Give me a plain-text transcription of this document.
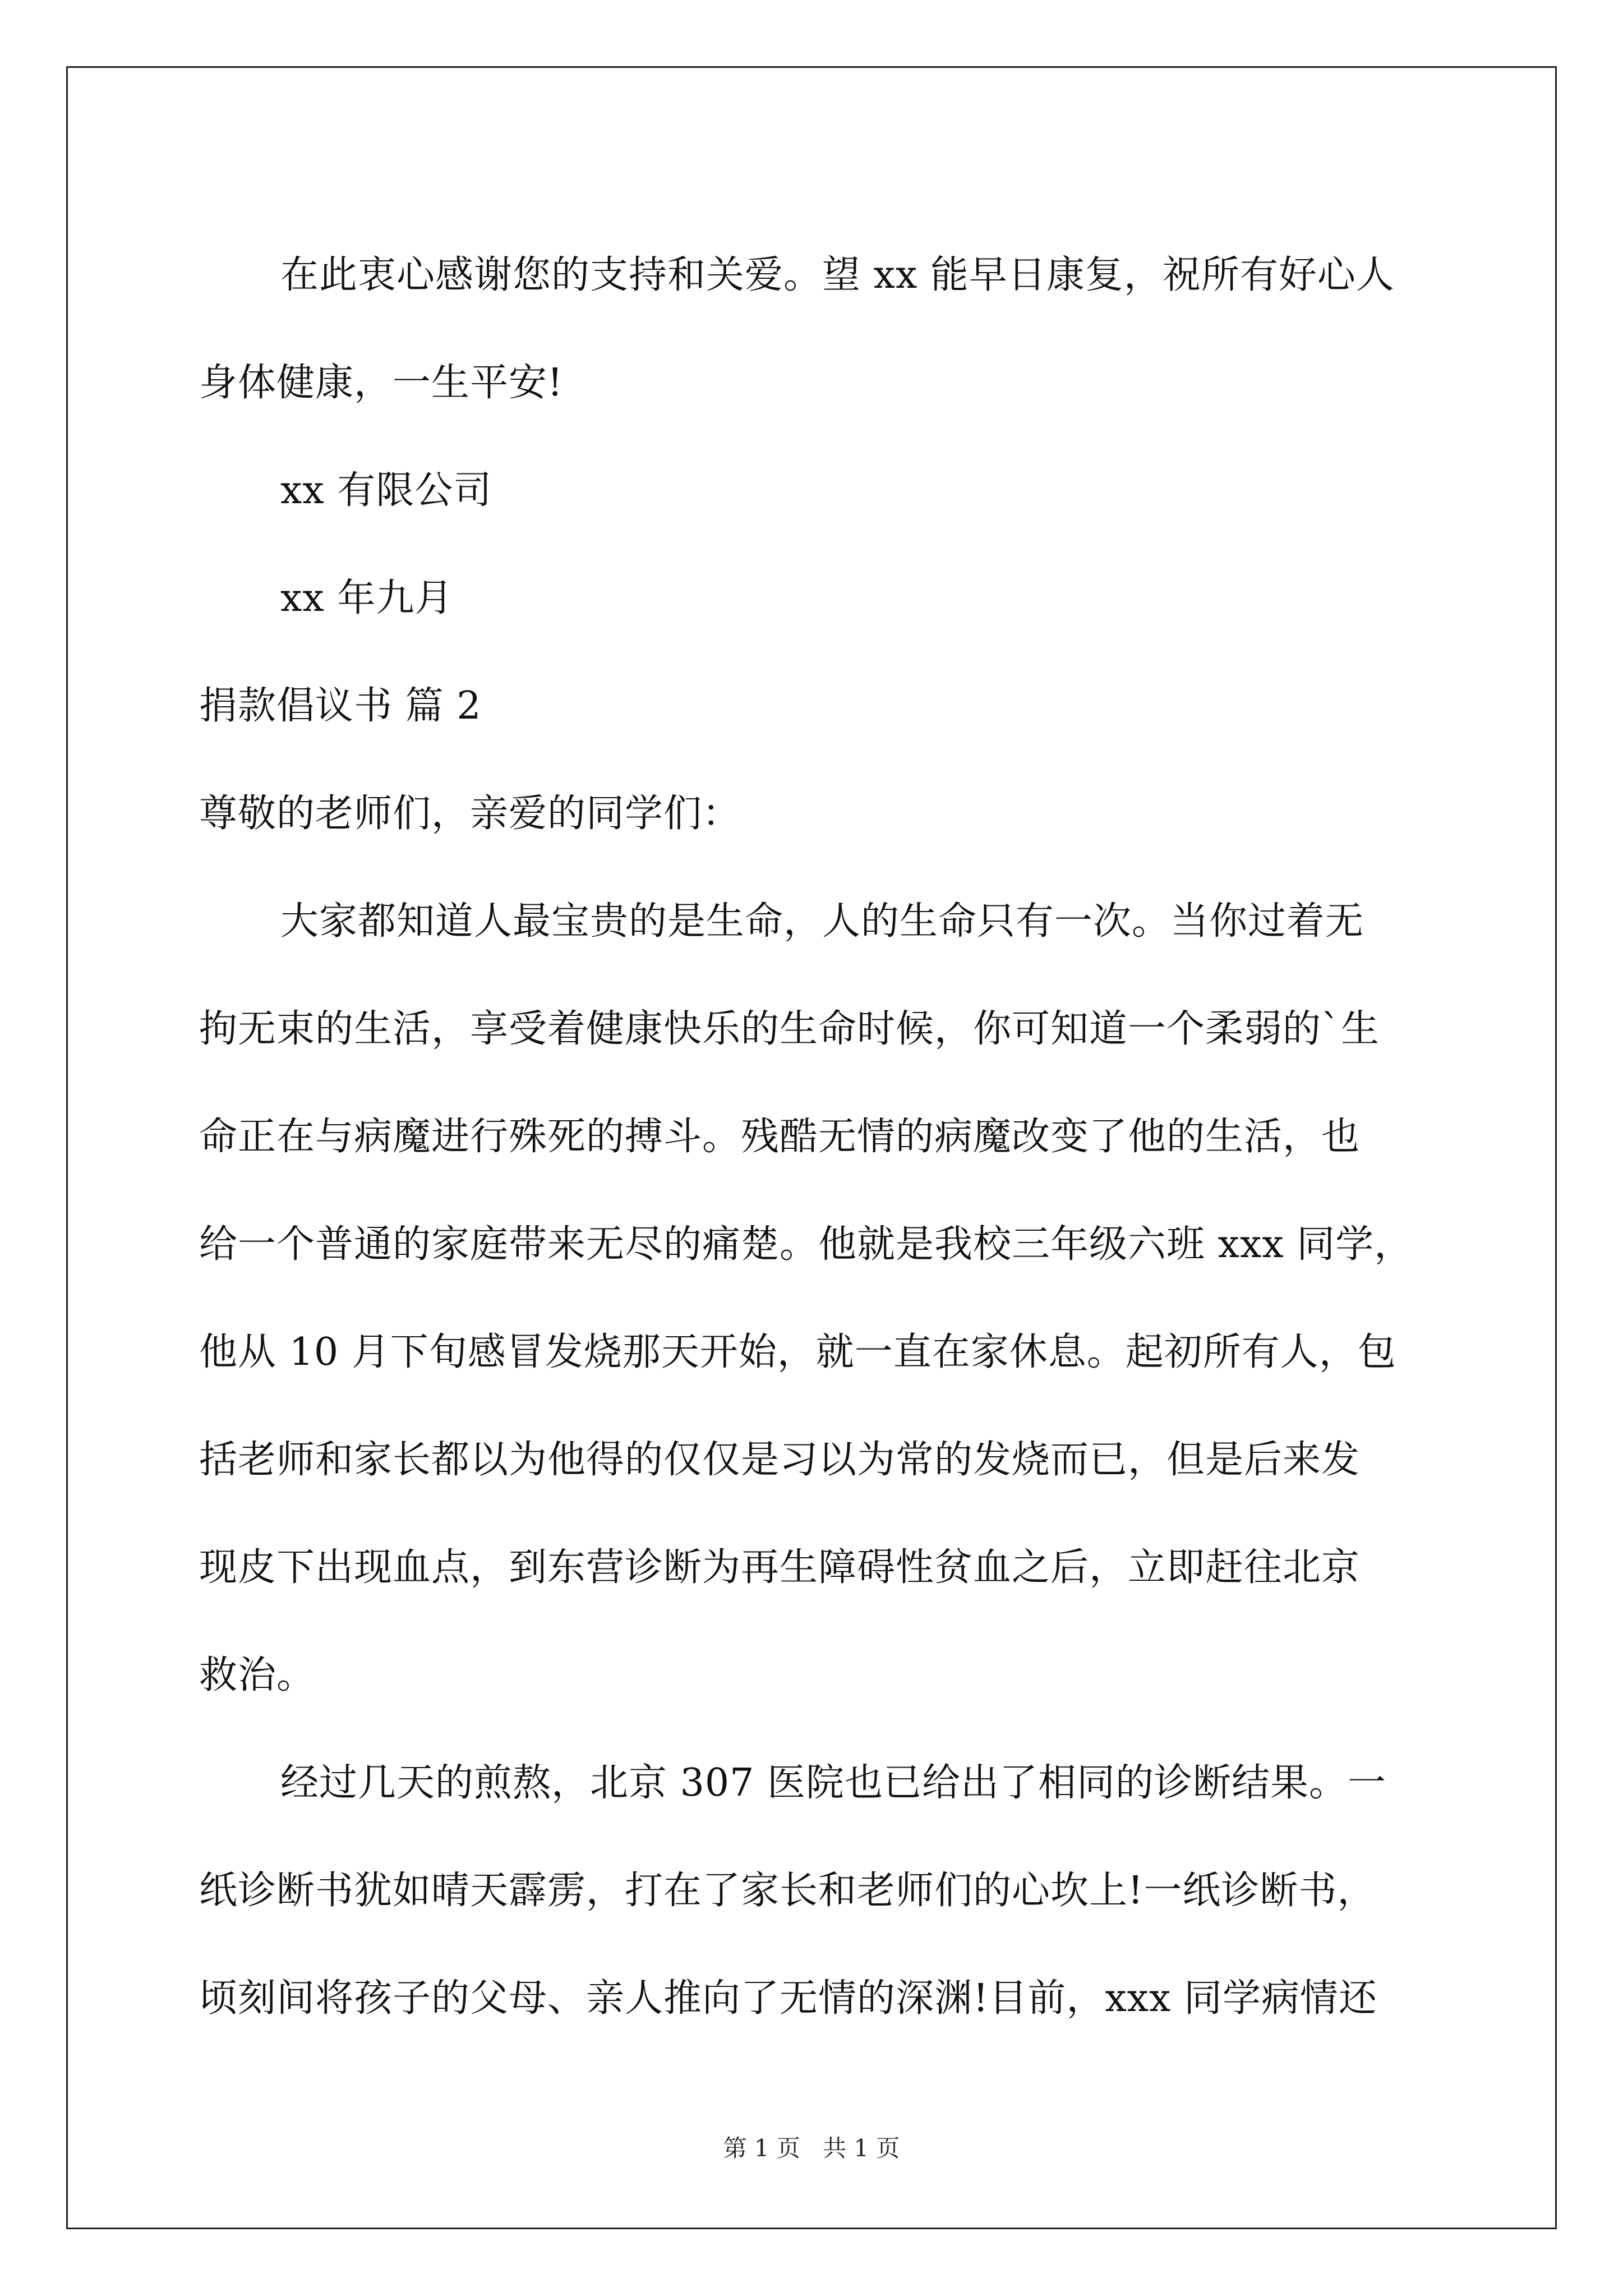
在此衷心感谢您的支持和关爱。望 xx 能早日康复，祝所有好心人

身体健康，一生平安!

xx 有限公司

xx 年九月

捐款倡议书 篇 2

尊敬的老师们，亲爱的同学们：

大家都知道人最宝贵的是生命，人的生命只有一次。当你过着无

拘无束的生活，享受着健康快乐的生命时候，你可知道一个柔弱的`生

命正在与病魔进行殊死的搏斗。残酷无情的病魔改变了他的生活，也

给一个普通的家庭带来无尽的痛楚。他就是我校三年级六班 xxx 同学，

他从 10 月下旬感冒发烧那天开始，就一直在家休息。起初所有人，包

括老师和家长都以为他得的仅仅是习以为常的发烧而已，但是后来发

现皮下出现血点，到东营诊断为再生障碍性贫血之后，立即赶往北京

救治。

经过几天的煎熬，北京 307 医院也已给出了相同的诊断结果。一

纸诊断书犹如晴天霹雳，打在了家长和老师们的心坎上!一纸诊断书，

顷刻间将孩子的父母、亲人推向了无情的深渊!目前，xxx 同学病情还

第 1 页 共 1 页
